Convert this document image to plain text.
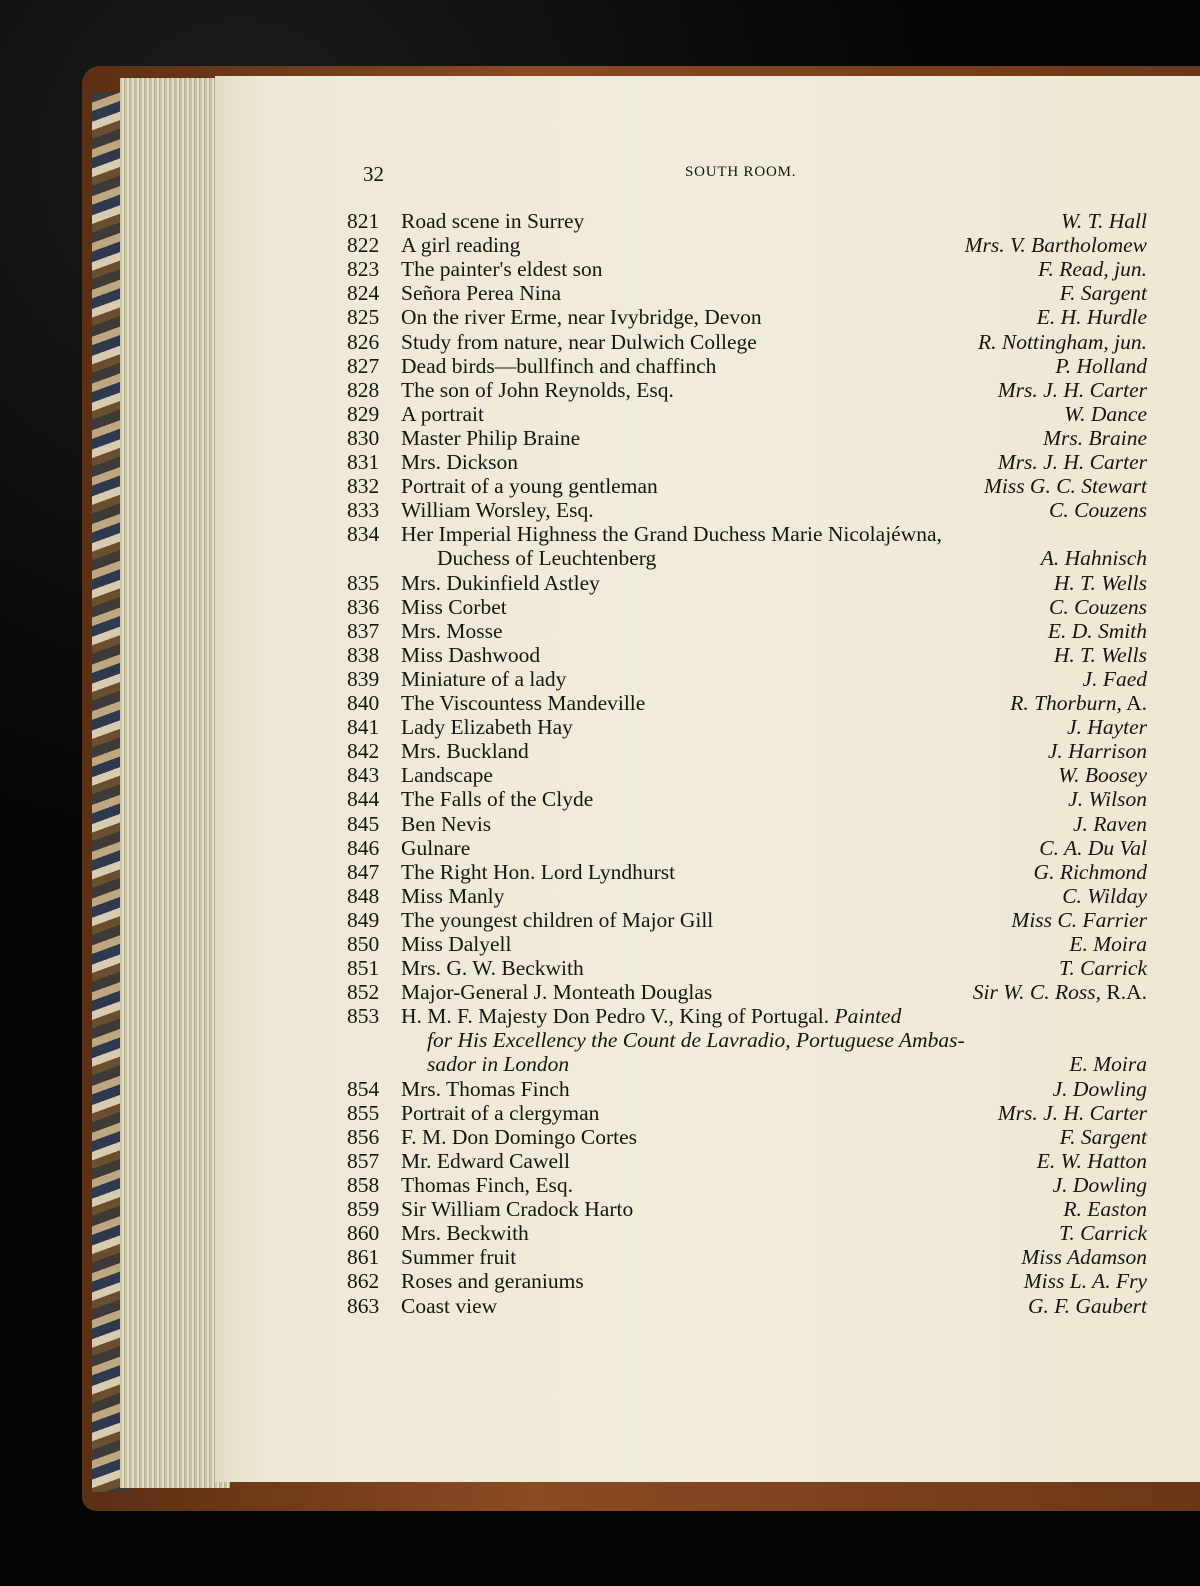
32	SOUTH ROOM.
821 Road scene in Surrey	W. T. Hall
822 A girl reading	Mrs. V. Bartholomew
823 The painter's eldest son	F. Read, jun.
824 Señora Perea Nina	F. Sargent
825 On the river Erme, near Ivybridge, Devon	E. H. Hurdle
826 Study from nature, near Dulwich College	R. Nottingham, jun.
827 Dead birds—bullfinch and chaffinch	P. Holland
828 The son of John Reynolds, Esq.	Mrs. J. H. Carter
829 A portrait	W. Dance
830 Master Philip Braine	Mrs. Braine
831 Mrs. Dickson	Mrs. J. H. Carter
832 Portrait of a young gentleman	Miss G. C. Stewart
833 William Worsley, Esq.	C. Couzens
834 Her Imperial Highness the Grand Duchess Marie Nicolajéwna,
Duchess of Leuchtenberg	A. Hahnisch
835 Mrs. Dukinfield Astley	H. T. Wells
836 Miss Corbet	C. Couzens
837 Mrs. Mosse	E. D. Smith
838 Miss Dashwood	H. T. Wells
839 Miniature of a lady	J. Faed
840 The Viscountess Mandeville	R. Thorburn, A.
841 Lady Elizabeth Hay	J. Hayter
842 Mrs. Buckland	J. Harrison
843 Landscape	W. Boosey
844 The Falls of the Clyde	J. Wilson
845 Ben Nevis	J. Raven
846 Gulnare	C. A. Du Val
847 The Right Hon. Lord Lyndhurst	G. Richmond
848 Miss Manly	C. Wilday
849 The youngest children of Major Gill	Miss C. Farrier
850 Miss Dalyell	E. Moira
851 Mrs. G. W. Beckwith	T. Carrick
852 Major-General J. Monteath Douglas	Sir W. C. Ross, R.A.
853 H. M. F. Majesty Don Pedro V., King of Portugal. Painted
for His Excellency the Count de Lavradio, Portuguese Ambas-
sador in London	E. Moira
854 Mrs. Thomas Finch	J. Dowling
855 Portrait of a clergyman	Mrs. J. H. Carter
856 F. M. Don Domingo Cortes	F. Sargent
857 Mr. Edward Cawell	E. W. Hatton
858 Thomas Finch, Esq.	J. Dowling
859 Sir William Cradock Harto	R. Easton
860 Mrs. Beckwith	T. Carrick
861 Summer fruit	Miss Adamson
862 Roses and geraniums	Miss L. A. Fry
863 Coast view	G. F. Gaubert
